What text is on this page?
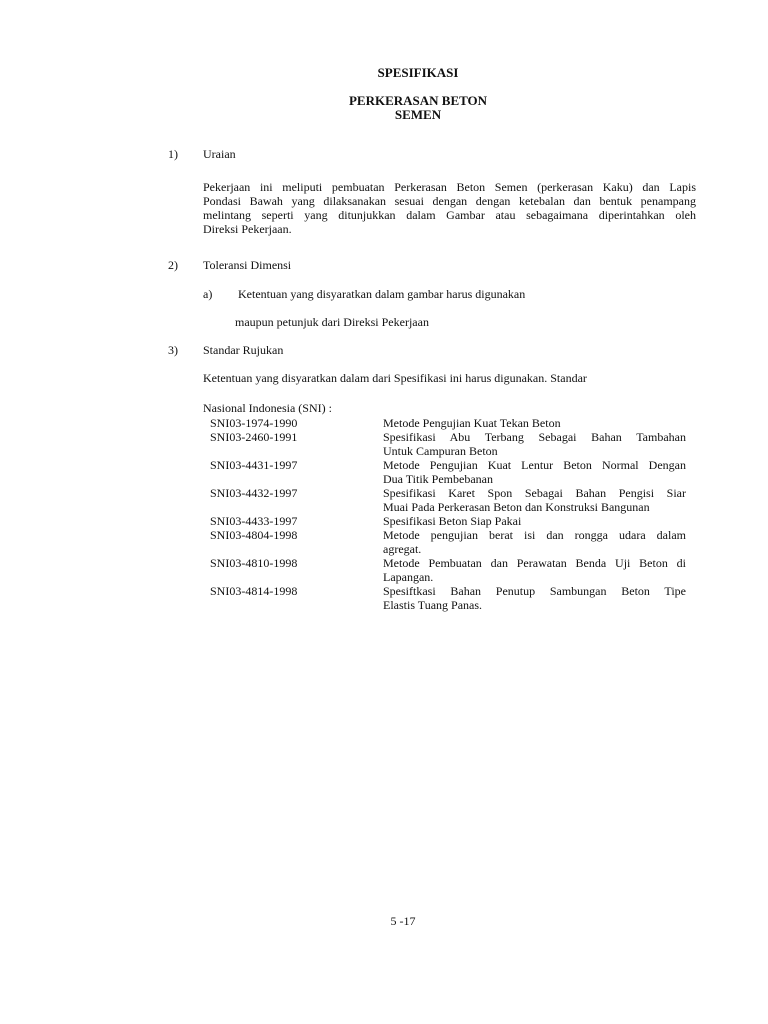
SPESIFIKASI
PERKERASAN BETON
SEMEN
1) Uraian
Pekerjaan ini meliputi pembuatan Perkerasan Beton Semen (perkerasan Kaku) dan Lapis
Pondasi Bawah yang dilaksanakan sesuai dengan dengan ketebalan dan bentuk penampang
melintang seperti yang ditunjukkan dalam Gambar atau sebagaimana diperintahkan oleh
Direksi Pekerjaan.
2) Toleransi Dimensi
a) Ketentuan yang disyaratkan dalam gambar harus digunakan
maupun petunjuk dari Direksi Pekerjaan
3) Standar Rujukan
Ketentuan yang disyaratkan dalam dari Spesifikasi ini harus digunakan. Standar
Nasional Indonesia (SNI) :
SNI03-1974-1990	Metode Pengujian Kuat Tekan Beton
SNI03-2460-1991	Spesifikasi Abu Terbang Sebagai Bahan Tambahan
Untuk Campuran Beton
SNI03-4431-1997	Metode Pengujian Kuat Lentur Beton Normal Dengan
Dua Titik Pembebanan
SNI03-4432-1997	Spesifikasi Karet Spon Sebagai Bahan Pengisi Siar
Muai Pada Perkerasan Beton dan Konstruksi Bangunan
SNI03-4433-1997	Spesifikasi Beton Siap Pakai
SNI03-4804-1998	Metode pengujian berat isi dan rongga udara dalam
agregat.
SNI03-4810-1998	Metode Pembuatan dan Perawatan Benda Uji Beton di
Lapangan.
SNI03-4814-1998	Spesiftkasi Bahan Penutup Sambungan Beton Tipe
Elastis Tuang Panas.
5 -17
